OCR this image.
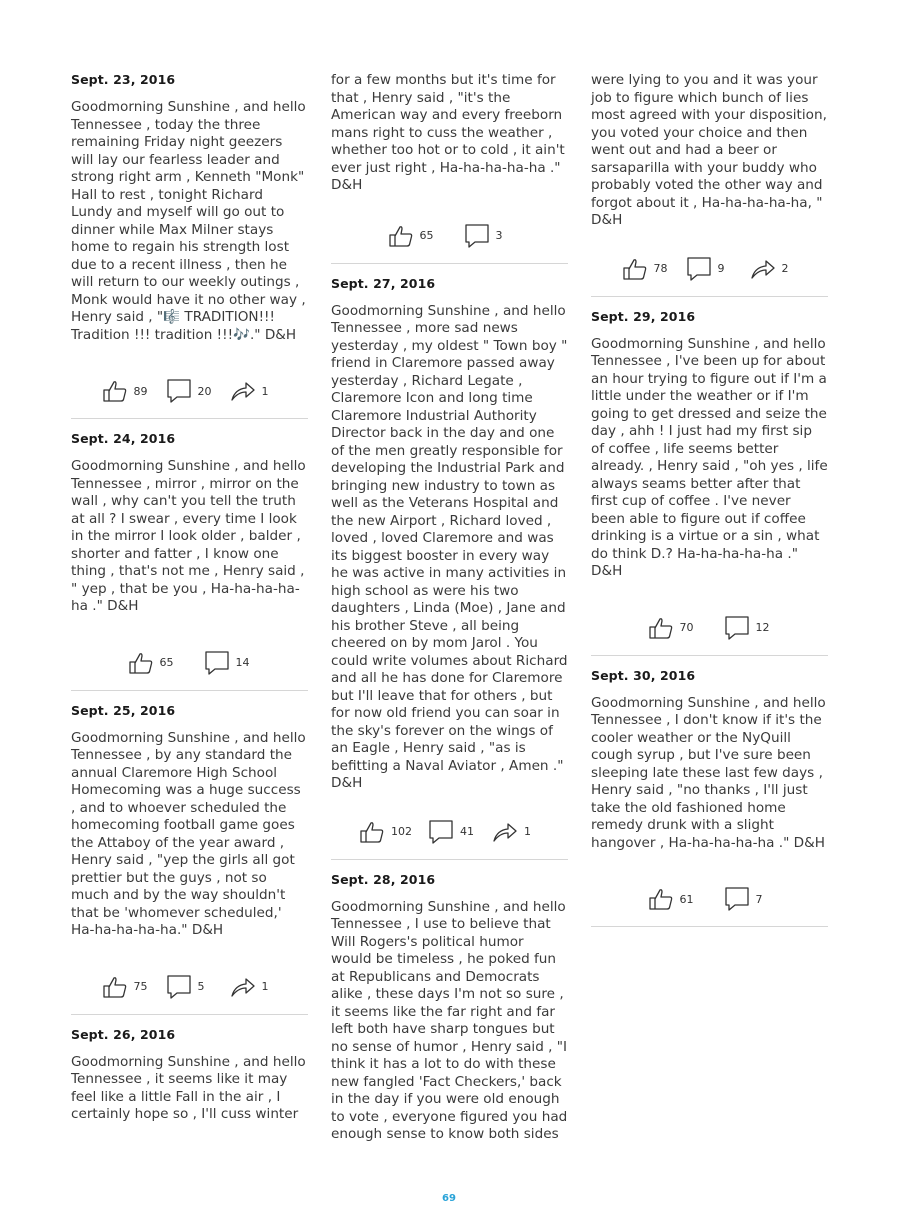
Sept. 23, 2016
Goodmorning Sunshine , and hello Tennessee , today the three remaining Friday night geezers will lay our fearless leader and strong right arm , Kenneth "Monk" Hall to rest , tonight Richard Lundy and myself will go out to dinner while Max Milner stays home to regain his strength lost due to a recent illness , then he will return to our weekly outings , Monk would have it no other way , Henry said , "🎼 TRADITION!!! Tradition !!! tradition !!!🎶." D&H
89	20	1
Sept. 24, 2016
Goodmorning Sunshine , and hello Tennessee , mirror , mirror on the wall , why can't you tell the truth at all ? I swear , every time I look in the mirror I look older , balder , shorter and fatter , I know one thing , that's not me , Henry said , " yep , that be you , Ha-ha-ha-ha-ha ." D&H
65	14
Sept. 25, 2016
Goodmorning Sunshine , and hello Tennessee , by any standard the annual Claremore High School Homecoming was a huge success , and to whoever scheduled the homecoming football game goes the Attaboy of the year award , Henry said , "yep the girls all got prettier but the guys , not so much and by the way shouldn't that be 'whomever scheduled,' Ha-ha-ha-ha-ha." D&H
75	5	1
Sept. 26, 2016
Goodmorning Sunshine , and hello Tennessee , it seems like it may feel like a little Fall in the air , I certainly hope so , I'll cuss winter
for a few months but it's time for that , Henry said , "it's the American way and every freeborn mans right to cuss the weather , whether too hot or to cold , it ain't ever just right , Ha-ha-ha-ha-ha ." D&H
65	3
Sept. 27, 2016
Goodmorning Sunshine , and hello Tennessee , more sad news yesterday , my oldest " Town boy " friend in Claremore passed away yesterday , Richard Legate , Claremore Icon and long time Claremore Industrial Authority Director back in the day and one of the men greatly responsible for developing the Industrial Park and bringing new industry to town as well as the Veterans Hospital and the new Airport , Richard loved , loved , loved Claremore and was its biggest booster in every way he was active in many activities in high school as were his two daughters , Linda (Moe) , Jane and his brother Steve , all being cheered on by mom Jarol . You could write volumes about Richard and all he has done for Claremore but I'll leave that for others , but for now old friend you can soar in the sky's forever on the wings of an Eagle , Henry said , "as is befitting a Naval Aviator , Amen ." D&H
102	41	1
Sept. 28, 2016
Goodmorning Sunshine , and hello Tennessee , I use to believe that Will Rogers's political humor would be timeless , he poked fun at Republicans and Democrats alike , these days I'm not so sure , it seems like the far right and far left both have sharp tongues but no sense of humor , Henry said , "I think it has a lot to do with these new fangled 'Fact Checkers,' back in the day if you were old enough to vote , everyone figured you had enough sense to know both sides
were lying to you and it was your job to figure which bunch of lies most agreed with your disposition, you voted your choice and then went out and had a beer or sarsaparilla with your buddy who probably voted the other way and forgot about it , Ha-ha-ha-ha-ha, " D&H
78	9	2
Sept. 29, 2016
Goodmorning Sunshine , and hello Tennessee , I've been up for about an hour trying to figure out if I'm a little under the weather or if I'm going to get dressed and seize the day , ahh ! I just had my first sip of coffee , life seems better already. , Henry said , "oh yes , life always seams better after that first cup of coffee . I've never been able to figure out if coffee drinking is a virtue or a sin , what do think D.? Ha-ha-ha-ha-ha ." D&H
70	12
Sept. 30, 2016
Goodmorning Sunshine , and hello Tennessee , I don't know if it's the cooler weather or the NyQuill cough syrup , but I've sure been sleeping late these last few days , Henry said , "no thanks , I'll just take the old fashioned home remedy drunk with a slight hangover , Ha-ha-ha-ha-ha ." D&H
61	7
69
